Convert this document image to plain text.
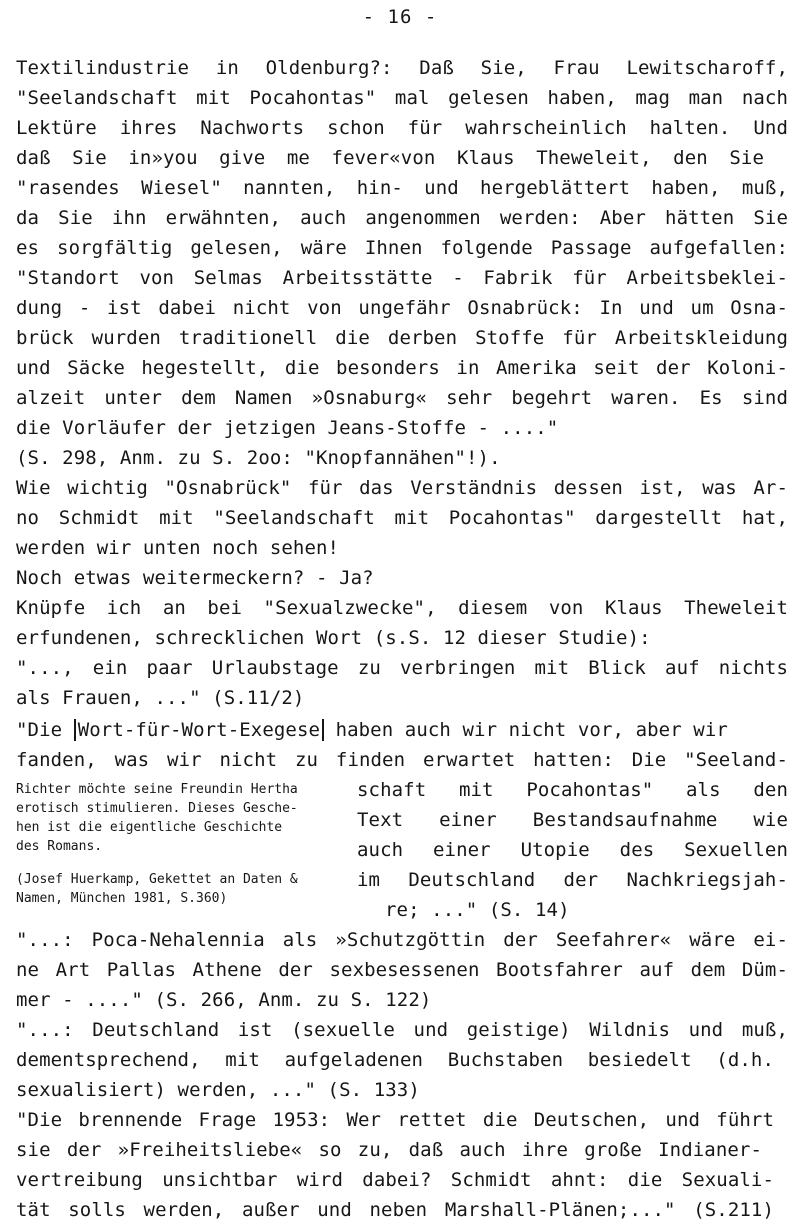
- 16 -
Textilindustrie in Oldenburg?: Daß Sie, Frau Lewitscharoff,
"Seelandschaft mit Pocahontas" mal gelesen haben, mag man nach
Lektüre ihres Nachworts schon für wahrscheinlich halten. Und
daß Sie in»you give me fever«von Klaus Theweleit, den Sie
"rasendes Wiesel" nannten, hin- und hergeblättert haben, muß,
da Sie ihn erwähnten, auch angenommen werden: Aber hätten Sie
es sorgfältig gelesen, wäre Ihnen folgende Passage aufgefallen:
"Standort von Selmas Arbeitsstätte - Fabrik für Arbeitsbeklei-
dung - ist dabei nicht von ungefähr Osnabrück: In und um Osna-
brück wurden traditionell die derben Stoffe für Arbeitskleidung
und Säcke hegestellt, die besonders in Amerika seit der Koloni-
alzeit unter dem Namen »Osnaburg« sehr begehrt waren. Es sind
die Vorläufer der jetzigen Jeans-Stoffe - ...."
(S. 298, Anm. zu S. 2oo: "Knopfannähen"!).
Wie wichtig "Osnabrück" für das Verständnis dessen ist, was Ar-
no Schmidt mit "Seelandschaft mit Pocahontas" dargestellt hat,
werden wir unten noch sehen!
Noch etwas weitermeckern? - Ja?
Knüpfe ich an bei "Sexualzwecke", diesem von Klaus Theweleit
erfundenen, schrecklichen Wort (s.S. 12 dieser Studie):
"..., ein paar Urlaubstage zu verbringen mit Blick auf nichts
als Frauen, ..." (S.11/2)
"Die Wort-für-Wort-Exegese haben auch wir nicht vor, aber wir
fanden, was wir nicht zu finden erwartet hatten: Die "Seeland-
Richter möchte seine Freundin Hertha
erotisch stimulieren. Dieses Gesche-
hen ist die eigentliche Geschichte
des Romans.
(Josef Huerkamp, Gekettet an Daten &
Namen, München 1981, S.360)
schaft mit Pocahontas" als den
Text einer Bestandsaufnahme wie
auch einer Utopie des Sexuellen
im Deutschland der Nachkriegsjah-
re; ..." (S. 14)
"...: Poca-Nehalennia als »Schutzgöttin der Seefahrer« wäre ei-
ne Art Pallas Athene der sexbesessenen Bootsfahrer auf dem Düm-
mer - ...." (S. 266, Anm. zu S. 122)
"...: Deutschland ist (sexuelle und geistige) Wildnis und muß,
dementsprechend, mit aufgeladenen Buchstaben besiedelt (d.h.
sexualisiert) werden, ..." (S. 133)
"Die brennende Frage 1953: Wer rettet die Deutschen, und führt
sie der »Freiheitsliebe« so zu, daß auch ihre große Indianer-
vertreibung unsichtbar wird dabei? Schmidt ahnt: die Sexuali-
tät solls werden, außer und neben Marshall-Plänen;..." (S.211)
